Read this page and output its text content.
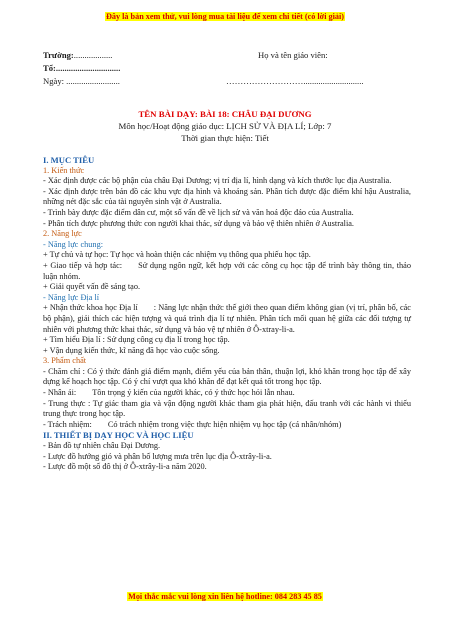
Đây là bản xem thử, vui lòng mua tài liệu để xem chi tiết (có lời giải)
Trường:..................	Họ và tên giáo viên:
Tổ:..............................
Ngày: .........................	………………………............................
TÊN BÀI DẠY: BÀI 18: CHÂU ĐẠI DƯƠNG
Môn học/Hoạt động giáo dục: LỊCH SỬ VÀ ĐỊA LÍ; Lớp: 7
Thời gian thực hiện: Tiết

I. MỤC TIÊU

1. Kiến thức

- Xác định được các bộ phận của châu Đại Dương; vị trí địa lí, hình dạng và kích thước lục địa Australia.

- Xác định được trên bản đồ các khu vực địa hình và khoáng sản. Phân tích được đặc điểm khí hậu Australia, những nét đặc sắc của tài nguyên sinh vật ở Australia.

- Trình bày được đặc điểm dân cư, một số vấn đề về lịch sử và văn hoá độc đáo của Australia.

- Phân tích được phương thức con người khai thác, sử dụng và bảo vệ thiên nhiên ở Australia.

2. Năng lực

- Năng lực chung:

+ Tự chủ và tự học: Tự học và hoàn thiện các nhiệm vụ thông qua phiếu học tập.

+ Giao tiếp và hợp tác: Sử dụng ngôn ngữ, kết hợp với các công cụ học tập để trình bày thông tin, thảo luận nhóm.

+ Giải quyết vấn đề sáng tạo.

- Năng lực Địa lí

+ Nhận thức khoa học Địa lí : Năng lực nhận thức thế giới theo quan điểm không gian (vị trí, phân bố, các bộ phận), giải thích các hiện tượng và quá trình địa lí tự nhiên. Phân tích mối quan hệ giữa các đối tượng tự nhiên với phương thức khai thác, sử dụng và bảo vệ tự nhiên ở Ô-xtray-li-a.

+ Tìm hiểu Địa lí : Sử dụng công cụ địa lí trong học tập.

+ Vận dụng kiến thức, kĩ năng đã học vào cuộc sống.

3. Phẩm chất

- Chăm chỉ : Có ý thức đánh giá điểm mạnh, điểm yếu của bản thân, thuận lợi, khó khăn trong học tập để xây dựng kế hoạch học tập. Có ý chí vượt qua khó khăn để đạt kết quả tốt trong học tập.

- Nhân ái: Tôn trọng ý kiến của người khác, có ý thức học hỏi lẫn nhau.

- Trung thực : Tự giác tham gia và vận động người khác tham gia phát hiện, đấu tranh với các hành vi thiếu trung thực trong học tập.

- Trách nhiệm: Có trách nhiệm trong việc thực hiện nhiệm vụ học tập (cá nhân/nhóm)

II. THIẾT BỊ DẠY HỌC VÀ HỌC LIỆU

- Bản đồ tự nhiên châu Đại Dương.

- Lược đồ hướng gió và phân bố lượng mưa trên lục địa Ô-xtrây-li-a.

- Lược đồ một số đô thị ở Ô-xtrây-li-a năm 2020.

Mọi thắc mắc vui lòng xin liên hệ hotline: 084 283 45 85
